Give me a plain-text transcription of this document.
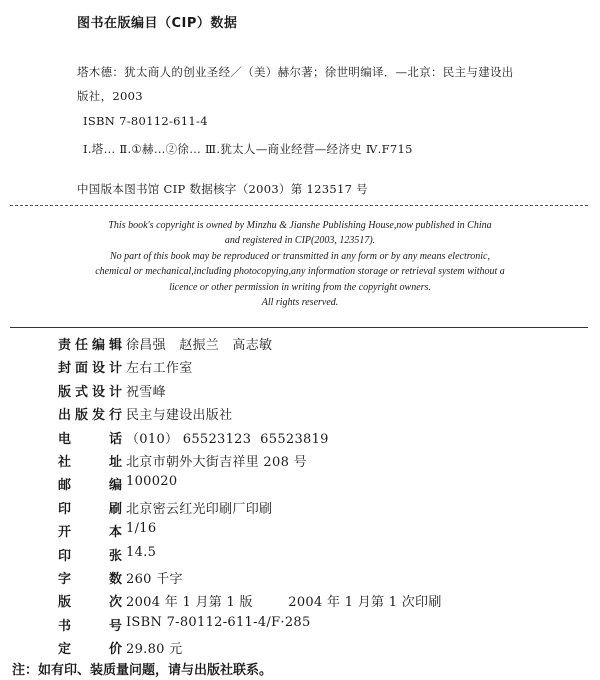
图书在版编目（CIP）数据
塔木德：犹太商人的创业圣经／（美）赫尔著；徐世明编译．—北京：民主与建设出
版社，2003
ISBN 7-80112-611-4
Ⅰ.塔… Ⅱ.①赫…②徐… Ⅲ.犹太人—商业经营—经济史 Ⅳ.F715
中国版本图书馆 CIP 数据核字（2003）第 123517 号
This book's copyright is owned by Minzhu & Jianshe Publishing House,now published in China
and registered in CIP(2003, 123517).
No part of this book may be reproduced or transmitted in any form or by any means electronic,
chemical or mechanical,including photocopying,any information storage or retrieval system without a
licence or other permission in writing from the copyright owners.
All rights reserved.
责 任 编 辑 徐昌强   赵振兰   高志敏
封 面 设 计 左右工作室
版 式 设 计 祝雪峰
出 版 发 行 民主与建设出版社
电	话 （010） 65523123  65523819
社	址 北京市朝外大街吉祥里 208 号
邮	编 100020
印	刷 北京密云红光印刷厂印刷
开	本 1/16
印	张 14.5
字	数 260 千字
版	次 2004 年 1 月第 1 版        2004 年 1 月第 1 次印刷
书	号 ISBN 7-80112-611-4/F·285
定	价 29.80 元
注：如有印、装质量问题，请与出版社联系。
